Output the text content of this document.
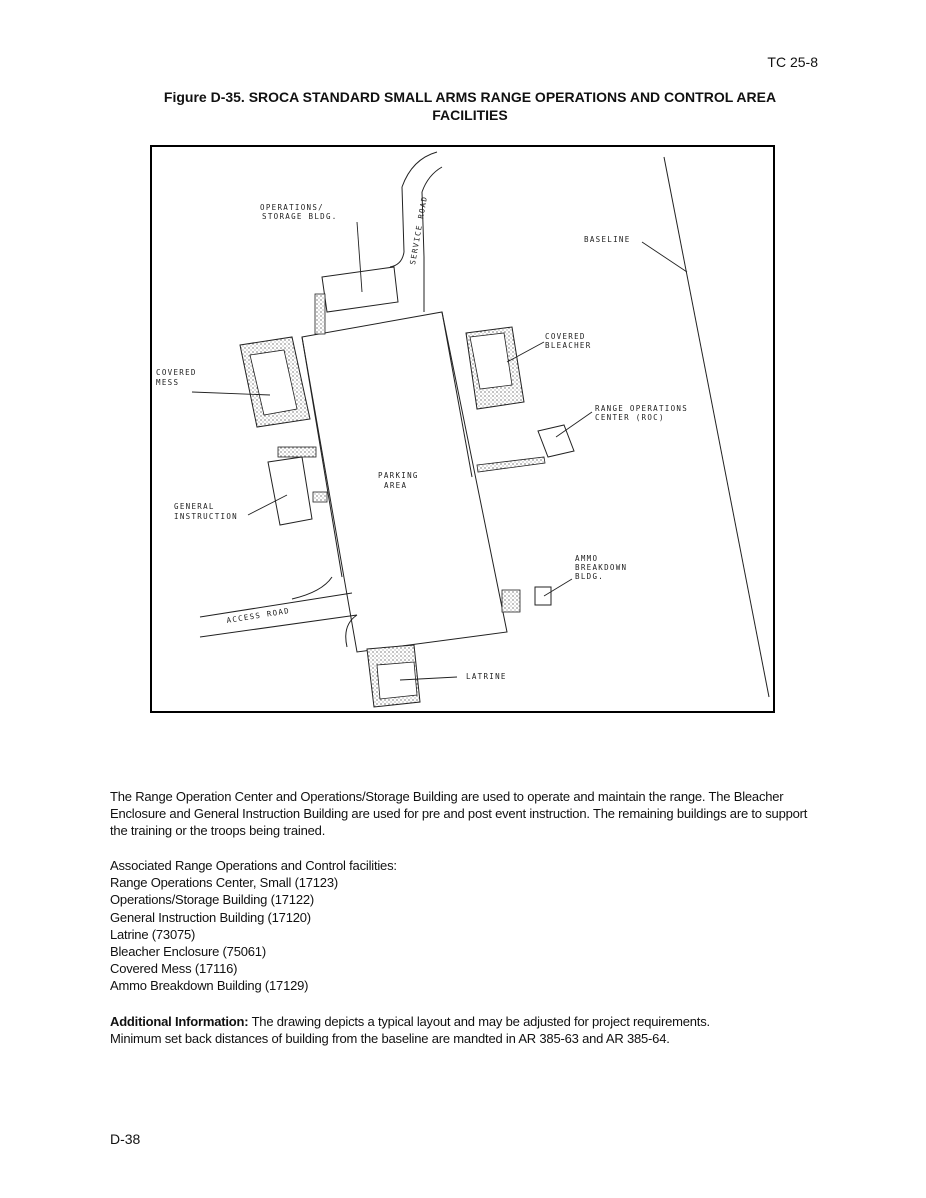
TC 25-8
Figure D-35. SROCA STANDARD SMALL ARMS RANGE OPERATIONS AND CONTROL AREA
FACILITIES
OPERATIONS/
STORAGE BLDG.	SERVICE ROAD	BASELINE
COVERED
BLEACHER
COVERED
MESS
RANGE OPERATIONS
CENTER (ROC)
PARKING
AREA
GENERAL
INSTRUCTION
AMMO
BREAKDOWN
BLDG.
ACCESS ROAD
LATRINE
The Range Operation Center and Operations/Storage Building are used to operate and maintain the range. The Bleacher
Enclosure and General Instruction Building are used for pre and post event instruction. The remaining buildings are to support
the training or the troops being trained.
Associated Range Operations and Control facilities:
Range Operations Center, Small (17123)
Operations/Storage Building (17122)
General Instruction Building (17120)
Latrine (73075)
Bleacher Enclosure (75061)
Covered Mess (17116)
Ammo Breakdown Building (17129)
Additional Information: The drawing depicts a typical layout and may be adjusted for project requirements.
Minimum set back distances of building from the baseline are mandted in AR 385-63 and AR 385-64.
D-38
